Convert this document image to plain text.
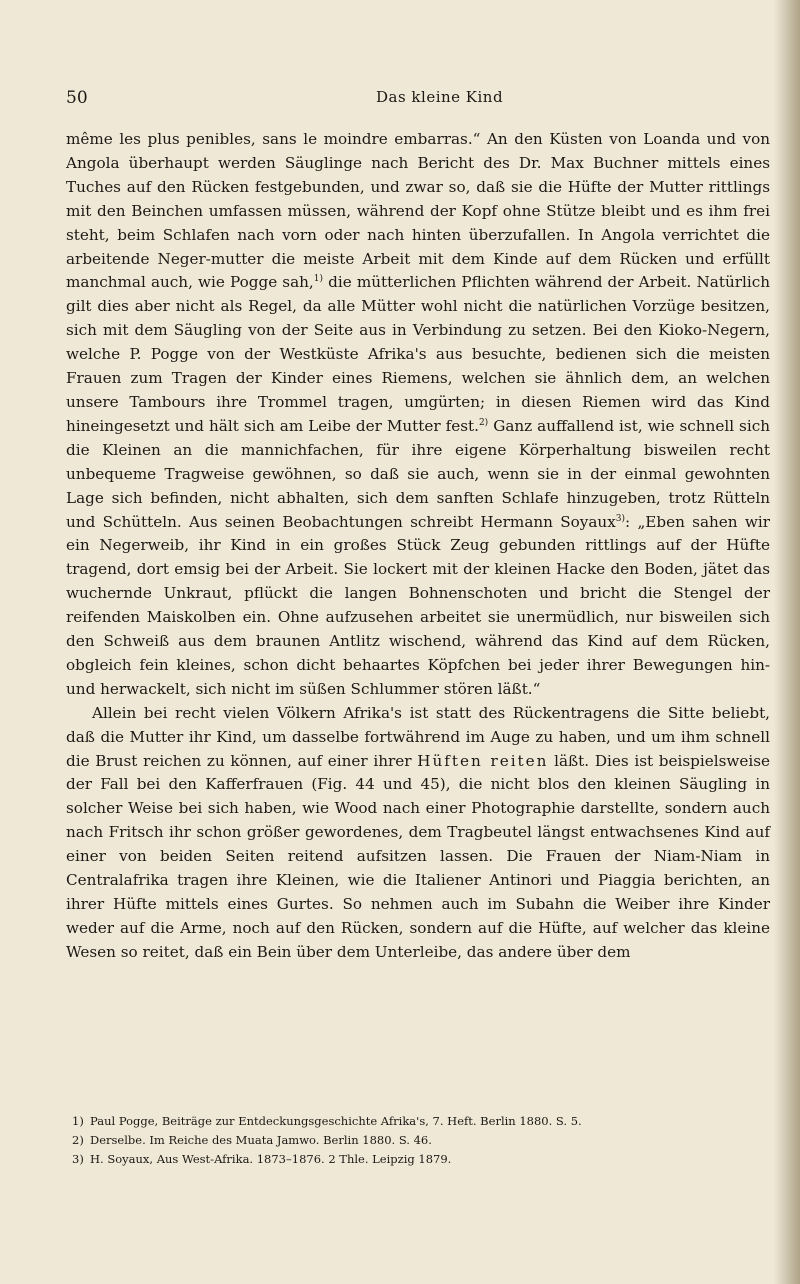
50	Das kleine Kind

même les plus penibles, sans le moindre embarras.“ An den Küsten von Loanda und von Angola überhaupt werden Säuglinge nach Bericht des Dr. Max Buchner mittels eines Tuches auf den Rücken festgebunden, und zwar so, daß sie die Hüfte der Mutter rittlings mit den Beinchen umfassen müssen, während der Kopf ohne Stütze bleibt und es ihm frei steht, beim Schlafen nach vorn oder nach hinten überzufallen. In Angola verrichtet die arbeitende Neger-mutter die meiste Arbeit mit dem Kinde auf dem Rücken und erfüllt manchmal auch, wie Pogge sah,$^{1)}$ die mütterlichen Pflichten während der Arbeit. Natürlich gilt dies aber nicht als Regel, da alle Mütter wohl nicht die natürlichen Vorzüge besitzen, sich mit dem Säugling von der Seite aus in Verbindung zu setzen. Bei den Kioko-Negern, welche P. Pogge von der Westküste Afrika's aus besuchte, bedienen sich die meisten Frauen zum Tragen der Kinder eines Riemens, welchen sie ähnlich dem, an welchen unsere Tambours ihre Trommel tragen, umgürten; in diesen Riemen wird das Kind hineingesetzt und hält sich am Leibe der Mutter fest.$^{2)}$ Ganz auffallend ist, wie schnell sich die Kleinen an die mannichfachen, für ihre eigene Körperhaltung bisweilen recht unbequeme Tragweise gewöhnen, so daß sie auch, wenn sie in der einmal gewohnten Lage sich befinden, nicht abhalten, sich dem sanften Schlafe hinzugeben, trotz Rütteln und Schütteln. Aus seinen Beobachtungen schreibt Hermann Soyaux$^{3)}$: „Eben sahen wir ein Negerweib, ihr Kind in ein großes Stück Zeug gebunden rittlings auf der Hüfte tragend, dort emsig bei der Arbeit. Sie lockert mit der kleinen Hacke den Boden, jätet das wuchernde Unkraut, pflückt die langen Bohnenschoten und bricht die Stengel der reifenden Maiskolben ein. Ohne aufzusehen arbeitet sie unermüdlich, nur bisweilen sich den Schweiß aus dem braunen Antlitz wischend, während das Kind auf dem Rücken, obgleich fein kleines, schon dicht behaartes Köpfchen bei jeder ihrer Bewegungen hin- und herwackelt, sich nicht im süßen Schlummer stören läßt.“

Allein bei recht vielen Völkern Afrika's ist statt des Rückentragens die Sitte beliebt, daß die Mutter ihr Kind, um dasselbe fortwährend im Auge zu haben, und um ihm schnell die Brust reichen zu können, auf einer ihrer Hüften reiten läßt. Dies ist beispielsweise der Fall bei den Kafferfrauen (Fig. 44 und 45), die nicht blos den kleinen Säugling in solcher Weise bei sich haben, wie Wood nach einer Photographie darstellte, sondern auch nach Fritsch ihr schon größer gewordenes, dem Tragbeutel längst entwachsenes Kind auf einer von beiden Seiten reitend aufsitzen lassen. Die Frauen der Niam-Niam in Centralafrika tragen ihre Kleinen, wie die Italiener Antinori und Piaggia berichten, an ihrer Hüfte mittels eines Gurtes. So nehmen auch im Subahn die Weiber ihre Kinder weder auf die Arme, noch auf den Rücken, sondern auf die Hüfte, auf welcher das kleine Wesen so reitet, daß ein Bein über dem Unterleibe, das andere über dem

1) Paul Pogge, Beiträge zur Entdeckungsgeschichte Afrika's, 7. Heft. Berlin 1880. S. 5.
2) Derselbe. Im Reiche des Muata Jamwo. Berlin 1880. S. 46.
3) H. Soyaux, Aus West-Afrika. 1873–1876. 2 Thle. Leipzig 1879.
